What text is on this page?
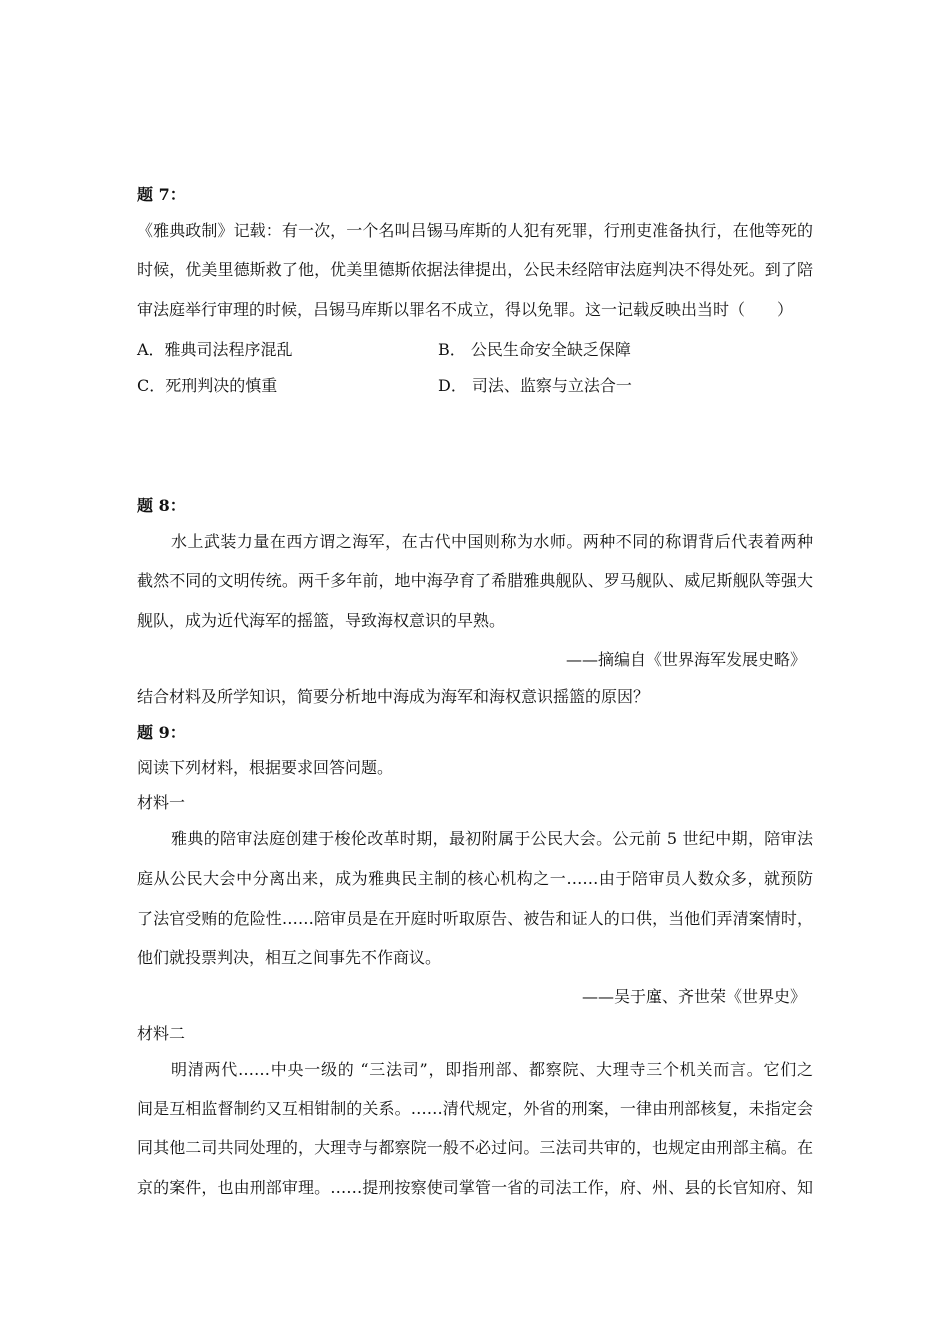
题 7：
《雅典政制》记载：有一次，一个名叫吕锡马库斯的人犯有死罪，行刑吏准备执行，在他等死的
时候，优美里德斯救了他，优美里德斯依据法律提出，公民未经陪审法庭判决不得处死。到了陪
审法庭举行审理的时候，吕锡马库斯以罪名不成立，得以免罪。这一记载反映出当时（　　）
A．雅典司法程序混乱	B． 公民生命安全缺乏保障
C．死刑判决的慎重	D． 司法、监察与立法合一
题 8：
水上武装力量在西方谓之海军，在古代中国则称为水师。两种不同的称谓背后代表着两种
截然不同的文明传统。两千多年前，地中海孕育了希腊雅典舰队、罗马舰队、威尼斯舰队等强大
舰队，成为近代海军的摇篮，导致海权意识的早熟。
——摘编自《世界海军发展史略》
结合材料及所学知识，简要分析地中海成为海军和海权意识摇篮的原因？
题 9：
阅读下列材料，根据要求回答问题。
材料一
雅典的陪审法庭创建于梭伦改革时期，最初附属于公民大会。公元前 5 世纪中期，陪审法
庭从公民大会中分离出来，成为雅典民主制的核心机构之一……由于陪审员人数众多，就预防
了法官受贿的危险性……陪审员是在开庭时听取原告、被告和证人的口供，当他们弄清案情时，
他们就投票判决，相互之间事先不作商议。
——吴于廑、齐世荣《世界史》
材料二
明清两代……中央一级的 “三法司”，即指刑部、都察院、大理寺三个机关而言。它们之
间是互相监督制约又互相钳制的关系。……清代规定，外省的刑案，一律由刑部核复，未指定会
同其他二司共同处理的，大理寺与都察院一般不必过问。三法司共审的，也规定由刑部主稿。在
京的案件，也由刑部审理。……提刑按察使司掌管一省的司法工作，府、州、县的长官知府、知
